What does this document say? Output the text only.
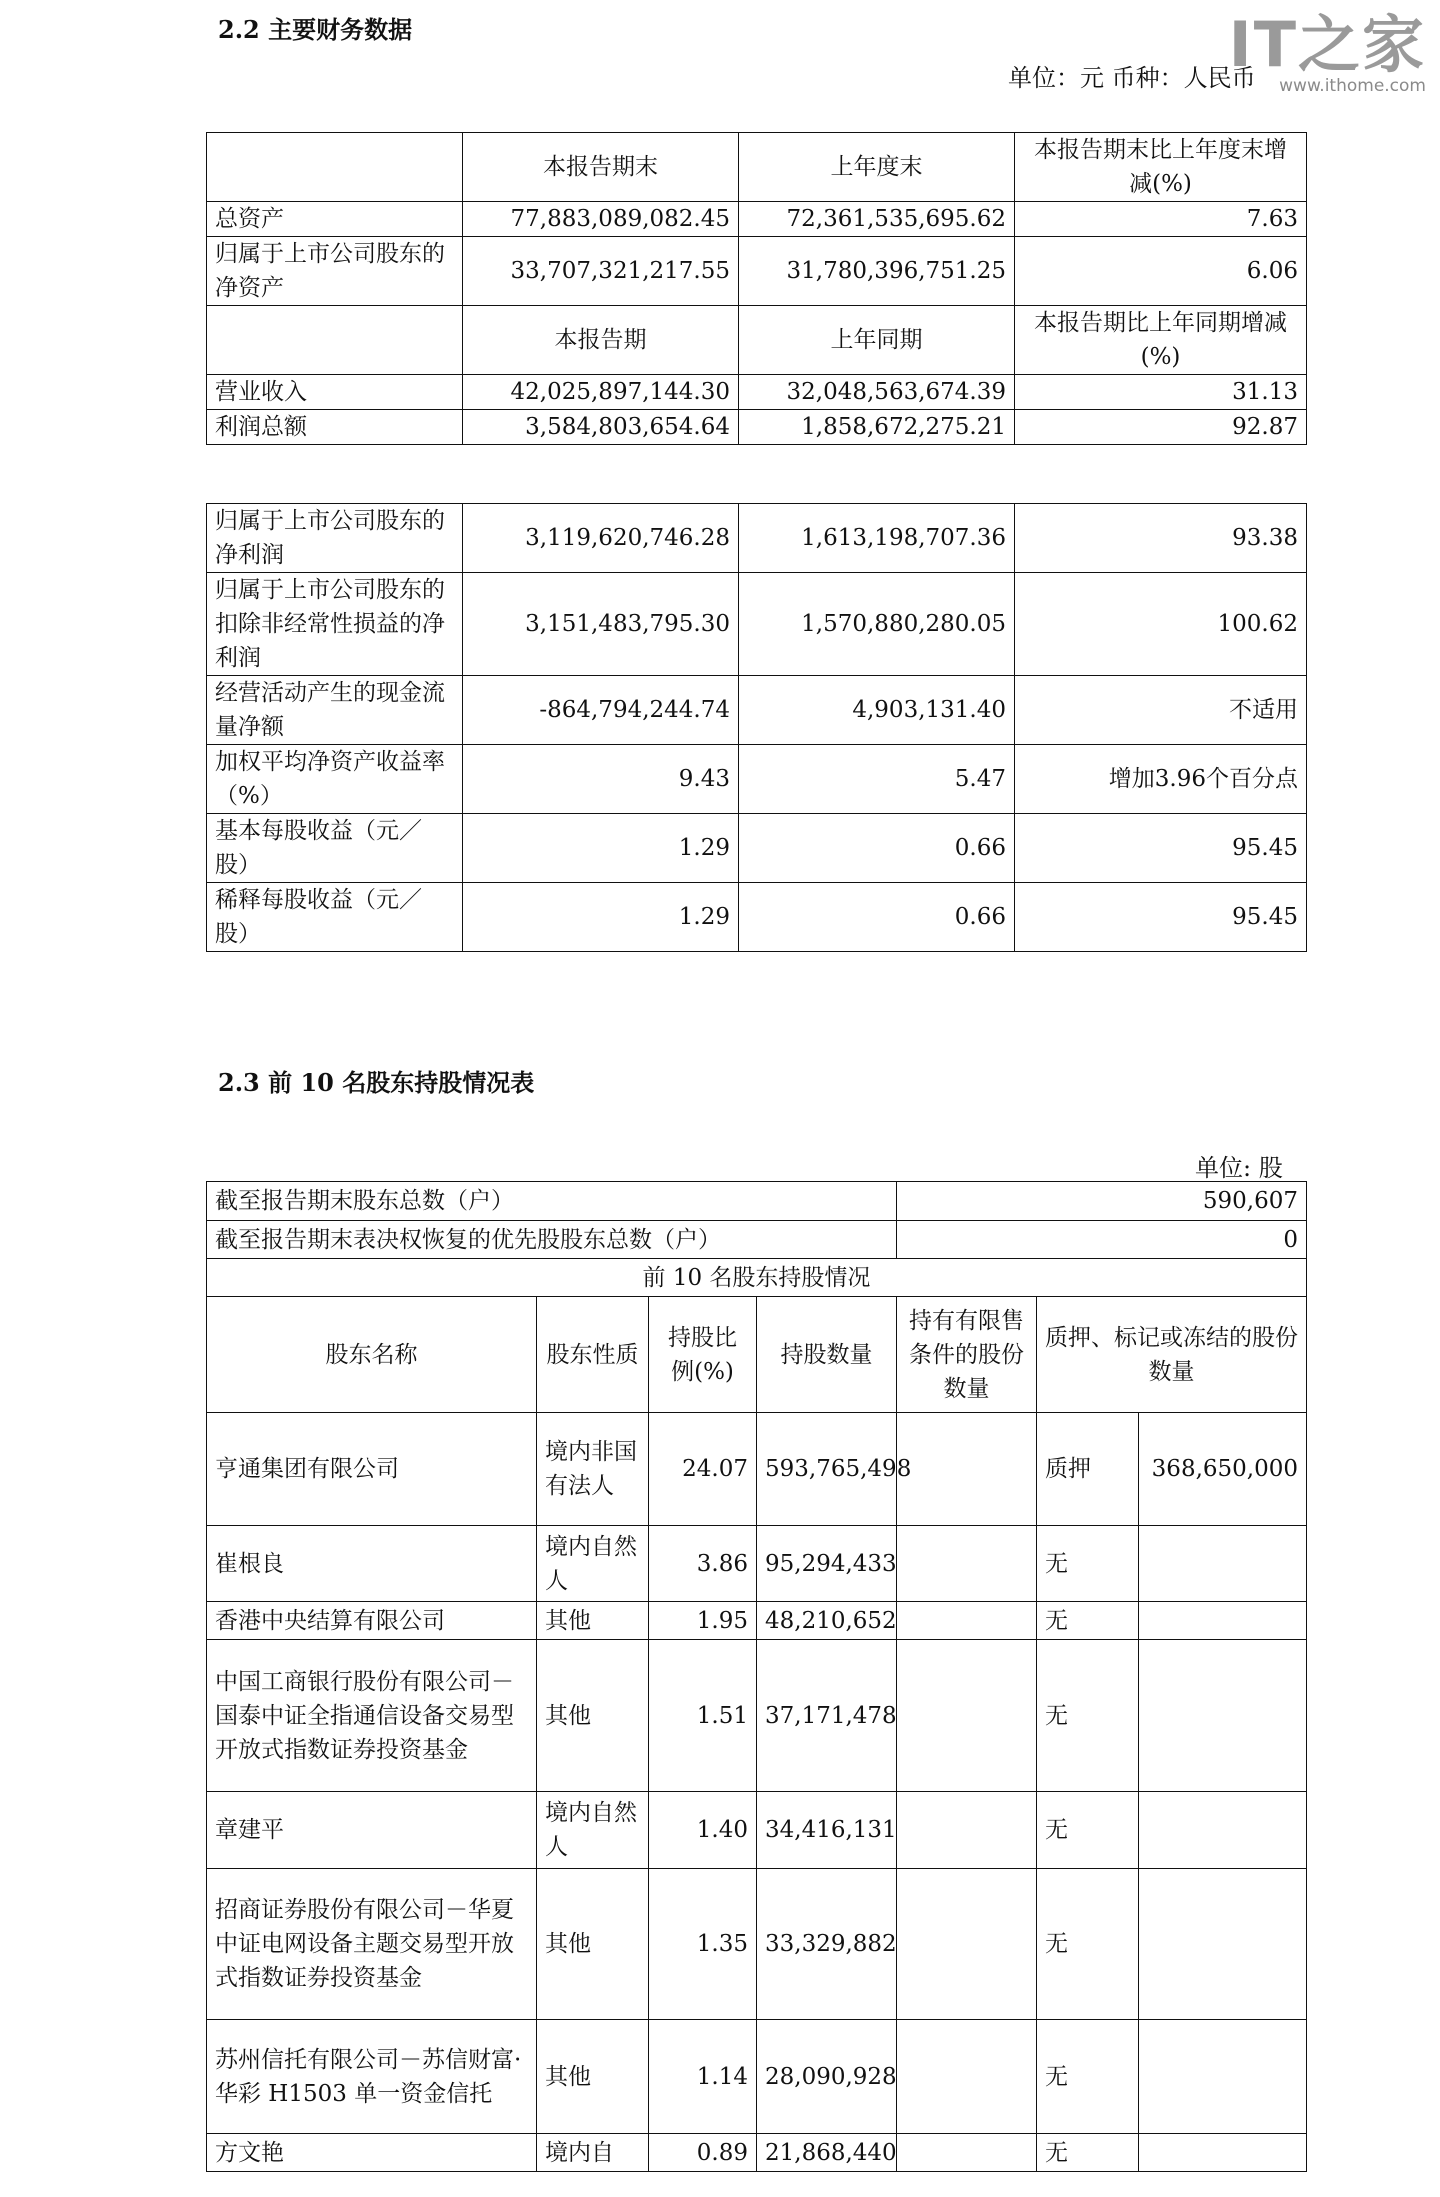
IT之家
www.ithome.com
2.2 主要财务数据
单位：元 币种：人民币
	本报告期末	上年度末	本报告期末比上年度末增减(%)
总资产	77,883,089,082.45	72,361,535,695.62	7.63
归属于上市公司股东的净资产	33,707,321,217.55	31,780,396,751.25	6.06
	本报告期	上年同期	本报告期比上年同期增减(%)
营业收入	42,025,897,144.30	32,048,563,674.39	31.13
利润总额	3,584,803,654.64	1,858,672,275.21	92.87
归属于上市公司股东的净利润	3,119,620,746.28	1,613,198,707.36	93.38
归属于上市公司股东的扣除非经常性损益的净利润	3,151,483,795.30	1,570,880,280.05	100.62
经营活动产生的现金流量净额	-864,794,244.74	4,903,131.40	不适用
加权平均净资产收益率（%）	9.43	5.47	增加3.96个百分点
基本每股收益（元／股）	1.29	0.66	95.45
稀释每股收益（元／股）	1.29	0.66	95.45
2.3 前 10 名股东持股情况表
单位: 股
截至报告期末股东总数（户）				590,607		
截至报告期末表决权恢复的优先股股东总数（户）				0		
前 10 名股东持股情况						
股东名称	股东性质	持股比例(%)	持股数量	持有有限售条件的股份数量	质押、标记或冻结的股份数量	
亨通集团有限公司	境内非国有法人	24.07	593,765,498		质押	368,650,000
崔根良	境内自然人	3.86	95,294,433		无	
香港中央结算有限公司	其他	1.95	48,210,652		无	
中国工商银行股份有限公司－国泰中证全指通信设备交易型开放式指数证券投资基金	其他	1.51	37,171,478		无	
章建平	境内自然人	1.40	34,416,131		无	
招商证券股份有限公司－华夏中证电网设备主题交易型开放式指数证券投资基金	其他	1.35	33,329,882		无	
苏州信托有限公司－苏信财富·华彩 H1503 单一资金信托	其他	1.14	28,090,928		无	
方文艳	境内自	0.89	21,868,440		无	
